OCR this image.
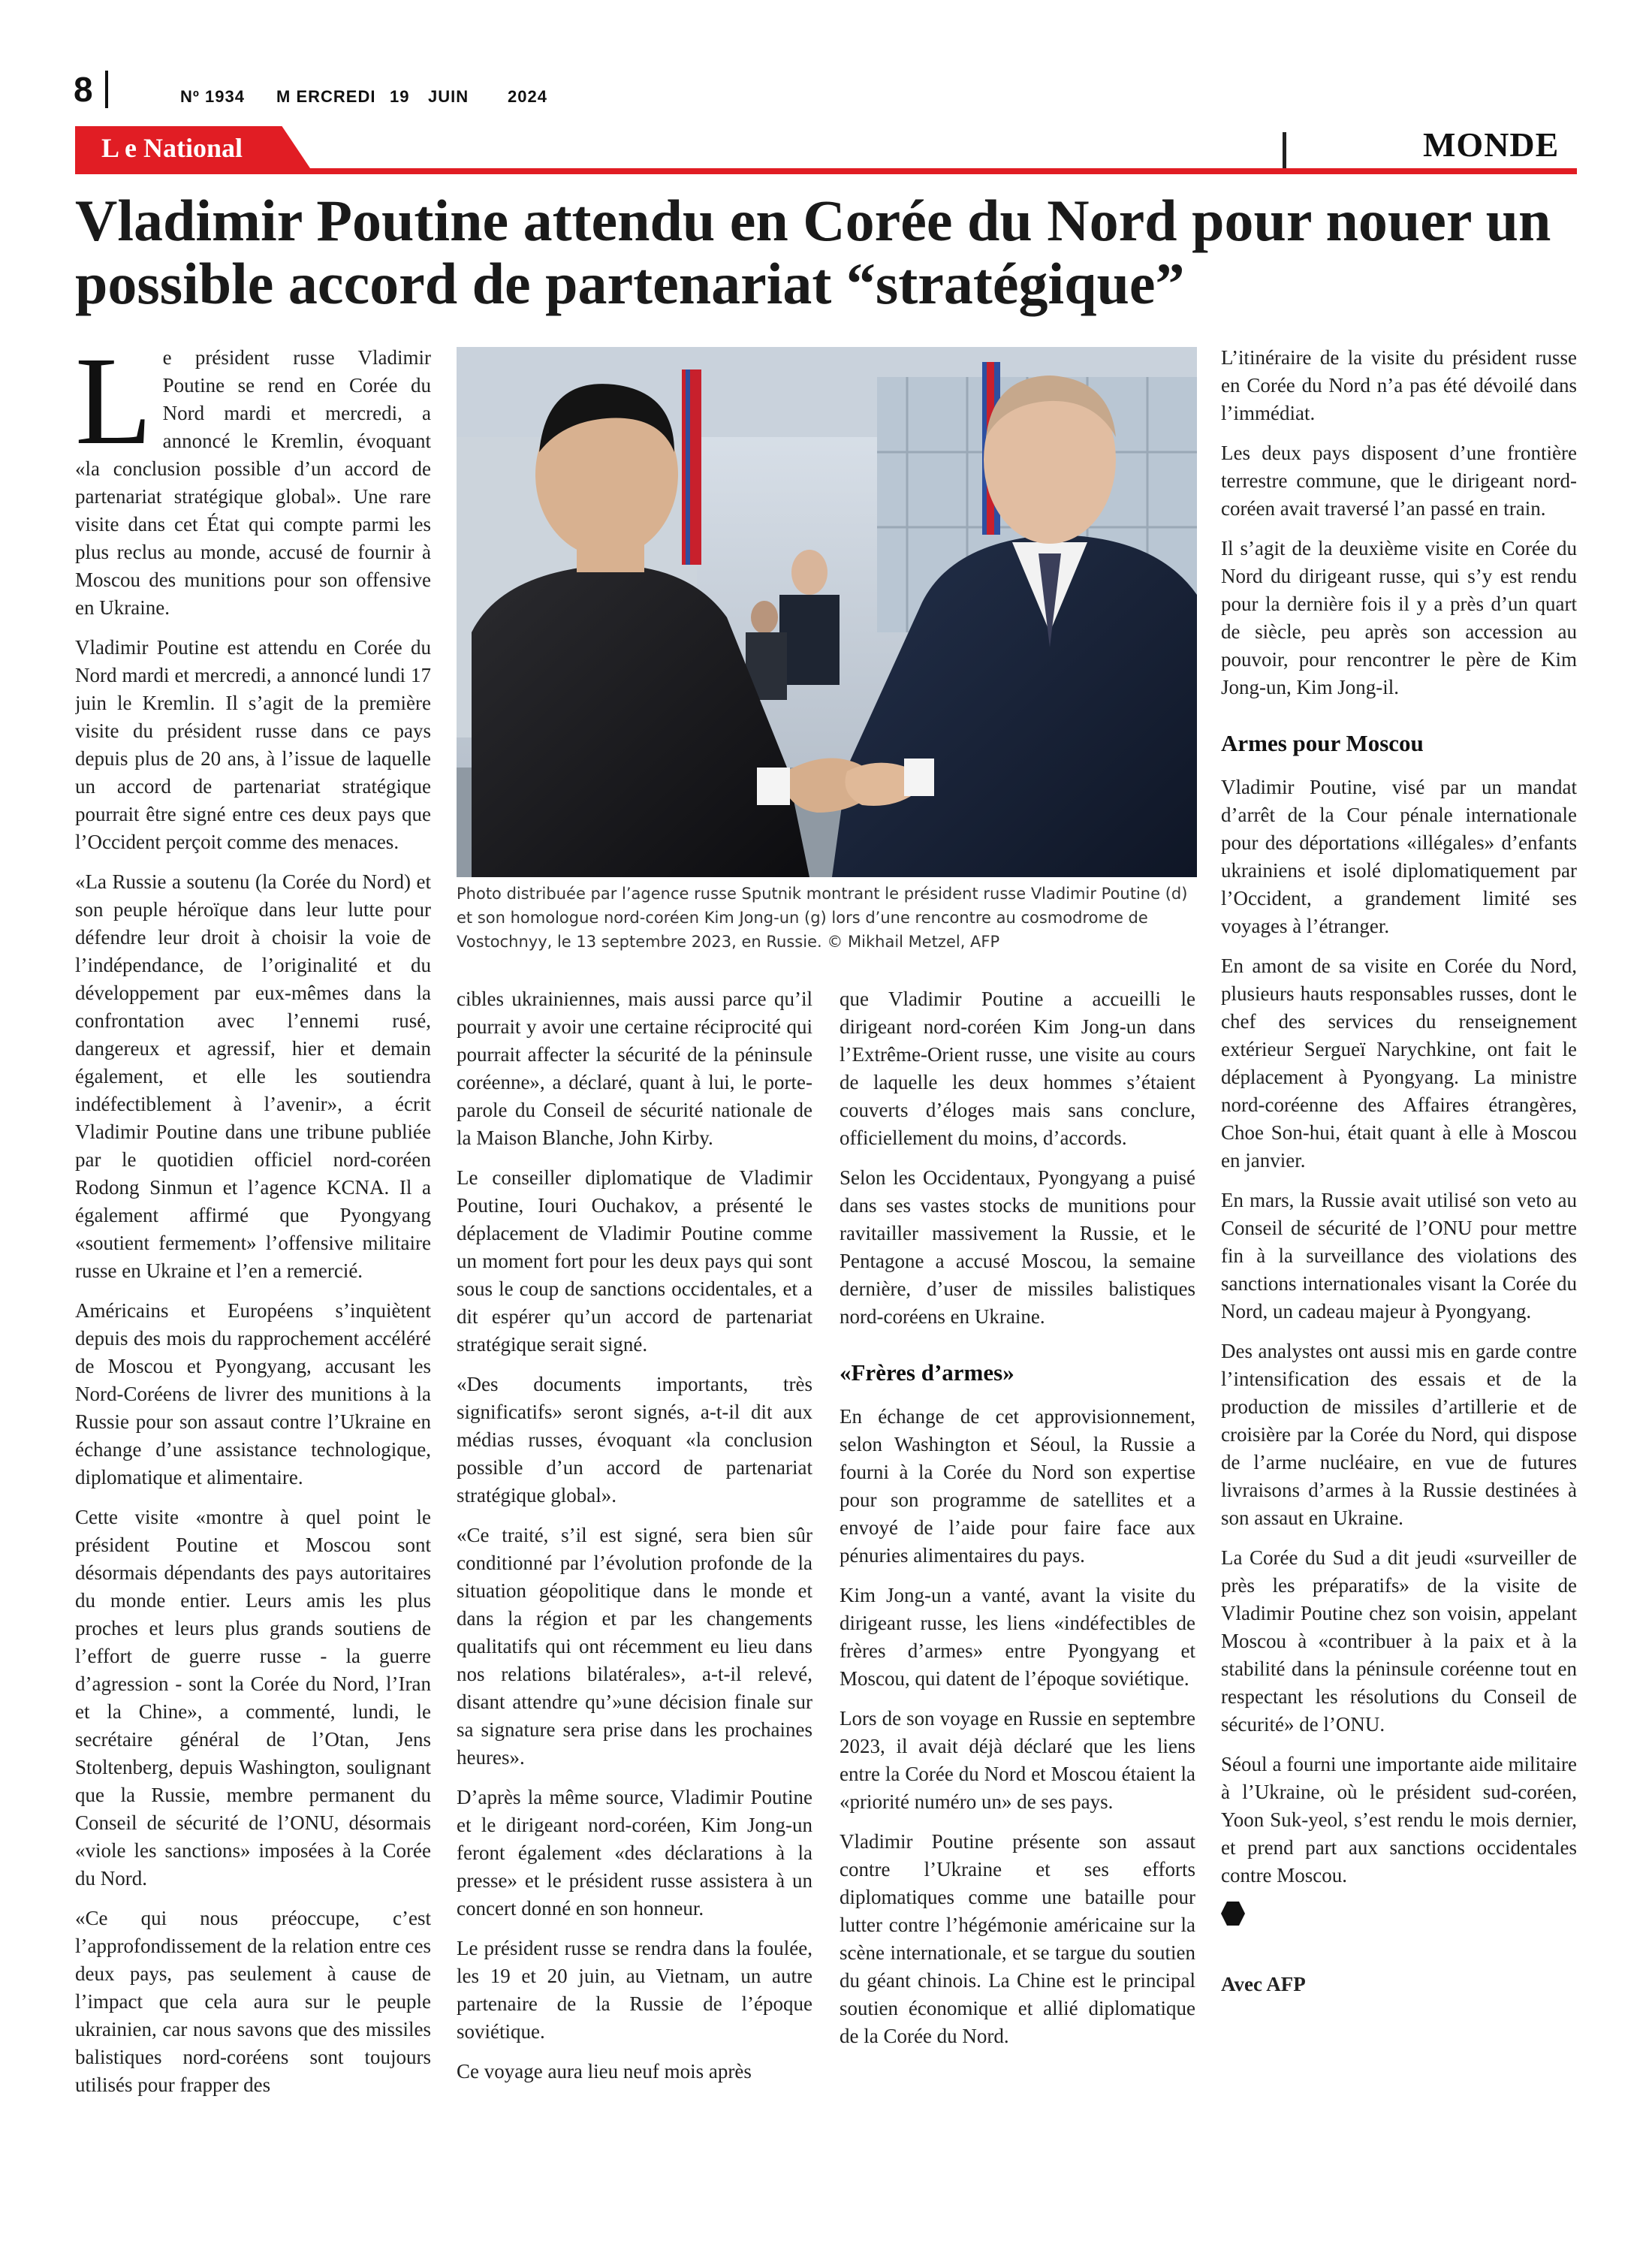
8	Nº 1934 M ERCREDI 19 JUIN 2024
L e National	MONDE
Vladimir Poutine attendu en Corée du Nord pour nouer un possible accord de partenariat “stratégique”
L e président russe Vladimir Poutine se rend en Corée du Nord mardi et mercredi, a annoncé le Kremlin, évoquant «la conclusion possible d’un accord de partenariat stratégique global». Une rare visite dans cet État qui compte parmi les plus reclus au monde, accusé de fournir à Moscou des munitions pour son offensive en Ukraine.

Vladimir Poutine est attendu en Corée du Nord mardi et mercredi, a annoncé lundi 17 juin le Kremlin. Il s’agit de la première visite du président russe dans ce pays depuis plus de 20 ans, à l’issue de laquelle un accord de partenariat stratégique pourrait être signé entre ces deux pays que l’Occident perçoit comme des menaces.

«La Russie a soutenu (la Corée du Nord) et son peuple héroïque dans leur lutte pour défendre leur droit à choisir la voie de l’indépendance, de l’originalité et du développement par eux-mêmes dans la confrontation avec l’ennemi rusé, dangereux et agressif, hier et demain également, et elle les soutiendra indéfectiblement à l’avenir», a écrit Vladimir Poutine dans une tribune publiée par le quotidien officiel nord-coréen Rodong Sinmun et l’agence KCNA. Il a également affirmé que Pyongyang «soutient fermement» l’offensive militaire russe en Ukraine et l’en a remercié.

Américains et Européens s’inquiètent depuis des mois du rapprochement accéléré de Moscou et Pyongyang, accusant les Nord-Coréens de livrer des munitions à la Russie pour son assaut contre l’Ukraine en échange d’une assistance technologique, diplomatique et alimentaire.

Cette visite «montre à quel point le président Poutine et Moscou sont désormais dépendants des pays autoritaires du monde entier. Leurs amis les plus proches et leurs plus grands soutiens de l’effort de guerre russe - la guerre d’agression - sont la Corée du Nord, l’Iran et la Chine», a commenté, lundi, le secrétaire général de l’Otan, Jens Stoltenberg, depuis Washington, soulignant que la Russie, membre permanent du Conseil de sécurité de l’ONU, désormais «viole les sanctions» imposées à la Corée du Nord.

«Ce qui nous préoccupe, c’est l’approfondissement de la relation entre ces deux pays, pas seulement à cause de l’impact que cela aura sur le peuple ukrainien, car nous savons que des missiles balistiques nord-coréens sont toujours utilisés pour frapper des

Photo distribuée par l’agence russe Sputnik montrant le président russe Vladimir Poutine (d) et son homologue nord-coréen Kim Jong-un (g) lors d’une rencontre au cosmodrome de Vostochnyy, le 13 septembre 2023, en Russie. © Mikhail Metzel, AFP

cibles ukrainiennes, mais aussi parce qu’il pourrait y avoir une certaine réciprocité qui pourrait affecter la sécurité de la péninsule coréenne», a déclaré, quant à lui, le porte-parole du Conseil de sécurité nationale de la Maison Blanche, John Kirby.

Le conseiller diplomatique de Vladimir Poutine, Iouri Ouchakov, a présenté le déplacement de Vladimir Poutine comme un moment fort pour les deux pays qui sont sous le coup de sanctions occidentales, et a dit espérer qu’un accord de partenariat stratégique serait signé.

«Des documents importants, très significatifs» seront signés, a-t-il dit aux médias russes, évoquant «la conclusion possible d’un accord de partenariat stratégique global».

«Ce traité, s’il est signé, sera bien sûr conditionné par l’évolution profonde de la situation géopolitique dans le monde et dans la région et par les changements qualitatifs qui ont récemment eu lieu dans nos relations bilatérales», a-t-il relevé, disant attendre qu’»une décision finale sur sa signature sera prise dans les prochaines heures».

D’après la même source, Vladimir Poutine et le dirigeant nord-coréen, Kim Jong-un feront également «des déclarations à la presse» et le président russe assistera à un concert donné en son honneur.

Le président russe se rendra dans la foulée, les 19 et 20 juin, au Vietnam, un autre partenaire de la Russie de l’époque soviétique.

Ce voyage aura lieu neuf mois après

que Vladimir Poutine a accueilli le dirigeant nord-coréen Kim Jong-un dans l’Extrême-Orient russe, une visite au cours de laquelle les deux hommes s’étaient couverts d’éloges mais sans conclure, officiellement du moins, d’accords.

Selon les Occidentaux, Pyongyang a puisé dans ses vastes stocks de munitions pour ravitailler massivement la Russie, et le Pentagone a accusé Moscou, la semaine dernière, d’user de missiles balistiques nord-coréens en Ukraine.

«Frères d’armes»

En échange de cet approvisionnement, selon Washington et Séoul, la Russie a fourni à la Corée du Nord son expertise pour son programme de satellites et a envoyé de l’aide pour faire face aux pénuries alimentaires du pays.

Kim Jong-un a vanté, avant la visite du dirigeant russe, les liens «indéfectibles de frères d’armes» entre Pyongyang et Moscou, qui datent de l’époque soviétique.

Lors de son voyage en Russie en septembre 2023, il avait déjà déclaré que les liens entre la Corée du Nord et Moscou étaient la «priorité numéro un» de ses pays.

Vladimir Poutine présente son assaut contre l’Ukraine et ses efforts diplomatiques comme une bataille pour lutter contre l’hégémonie américaine sur la scène internationale, et se targue du soutien du géant chinois. La Chine est le principal soutien économique et allié diplomatique de la Corée du Nord.

L’itinéraire de la visite du président russe en Corée du Nord n’a pas été dévoilé dans l’immédiat.

Les deux pays disposent d’une frontière terrestre commune, que le dirigeant nord-coréen avait traversé l’an passé en train.

Il s’agit de la deuxième visite en Corée du Nord du dirigeant russe, qui s’y est rendu pour la dernière fois il y a près d’un quart de siècle, peu après son accession au pouvoir, pour rencontrer le père de Kim Jong-un, Kim Jong-il.

Armes pour Moscou

Vladimir Poutine, visé par un mandat d’arrêt de la Cour pénale internationale pour des déportations «illégales» d’enfants ukrainiens et isolé diplomatiquement par l’Occident, a grandement limité ses voyages à l’étranger.

En amont de sa visite en Corée du Nord, plusieurs hauts responsables russes, dont le chef des services du renseignement extérieur Sergueï Narychkine, ont fait le déplacement à Pyongyang. La ministre nord-coréenne des Affaires étrangères, Choe Son-hui, était quant à elle à Moscou en janvier.

En mars, la Russie avait utilisé son veto au Conseil de sécurité de l’ONU pour mettre fin à la surveillance des violations des sanctions internationales visant la Corée du Nord, un cadeau majeur à Pyongyang.

Des analystes ont aussi mis en garde contre l’intensification des essais et de la production de missiles d’artillerie et de croisière par la Corée du Nord, qui dispose de l’arme nucléaire, en vue de futures livraisons d’armes à la Russie destinées à son assaut en Ukraine.

La Corée du Sud a dit jeudi «surveiller de près les préparatifs» de la visite de Vladimir Poutine chez son voisin, appelant Moscou à «contribuer à la paix et à la stabilité dans la péninsule coréenne tout en respectant les résolutions du Conseil de sécurité» de l’ONU.

Séoul a fourni une importante aide militaire à l’Ukraine, où le président sud-coréen, Yoon Suk-yeol, s’est rendu le mois dernier, et prend part aux sanctions occidentales contre Moscou.

Avec AFP
